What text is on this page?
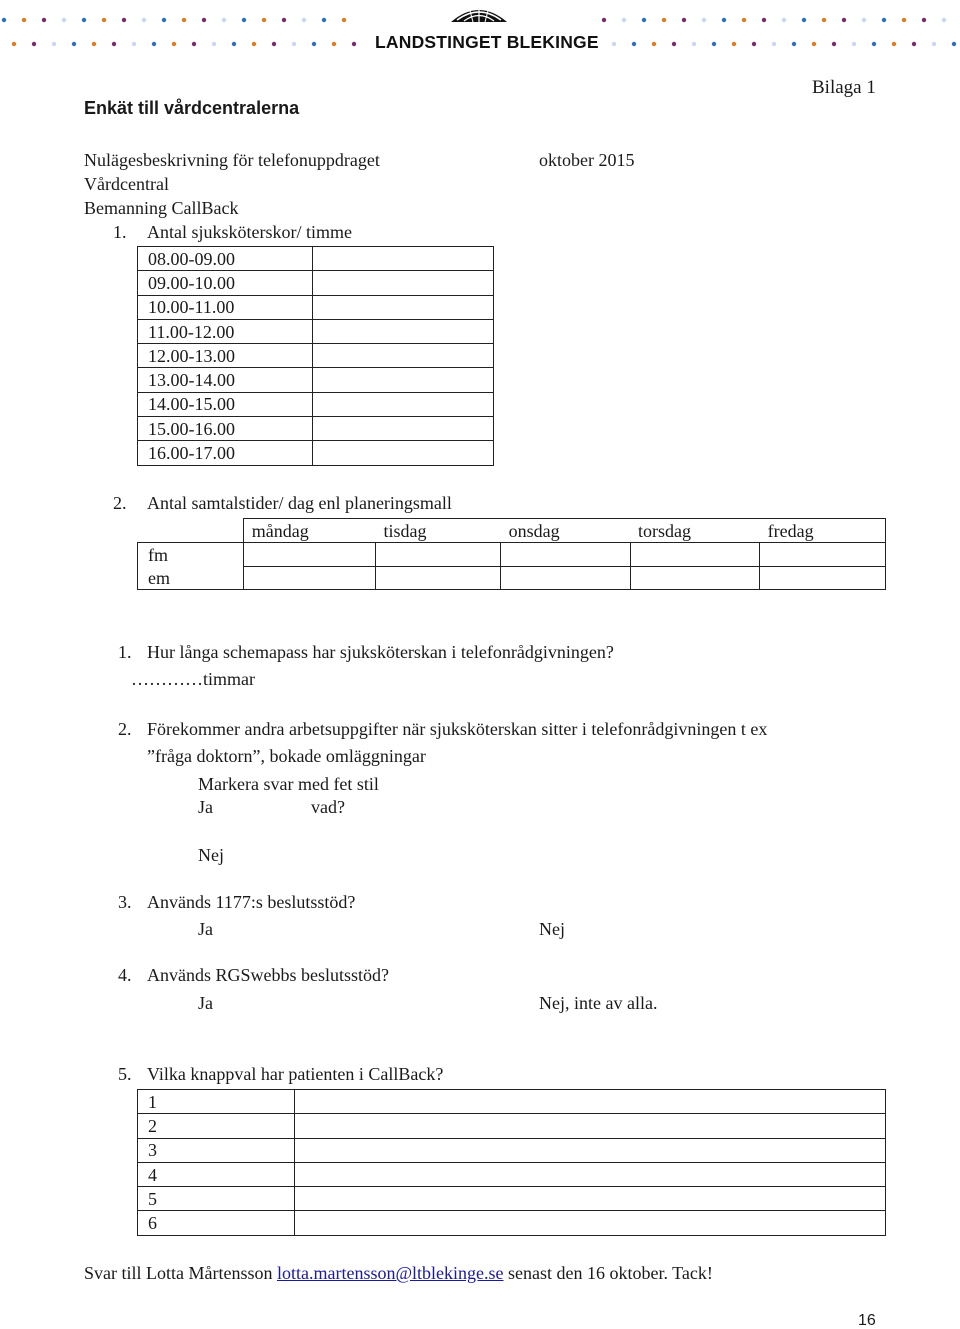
LANDSTINGET BLEKINGE
Bilaga 1
Enkät till vårdcentralerna
Nulägesbeskrivning för telefonuppdraget	oktober 2015
Vårdcentral
Bemanning CallBack
1. Antal sjuksköterskor/ timme
08.00-09.00	
09.00-10.00	
10.00-11.00	
11.00-12.00	
12.00-13.00	
13.00-14.00	
14.00-15.00	
15.00-16.00	
16.00-17.00	
2. Antal samtalstider/ dag enl planeringsmall
	måndag	tisdag	onsdag	torsdag	fredag
fm					
em					
1. Hur långa schemapass har sjuksköterskan i telefonrådgivningen?
…………timmar
2. Förekommer andra arbetsuppgifter när sjuksköterskan sitter i telefonrådgivningen t ex
”fråga doktorn”, bokade omläggningar
Markera svar med fet stil
Ja	vad?
Nej
3. Används 1177:s beslutsstöd?
Ja	Nej
4. Används RGSwebbs beslutsstöd?
Ja	Nej, inte av alla.
5. Vilka knappval har patienten i CallBack?
1	
2	
3	
4	
5	
6	
Svar till Lotta Mårtensson lotta.martensson@ltblekinge.se senast den 16 oktober. Tack!
16
